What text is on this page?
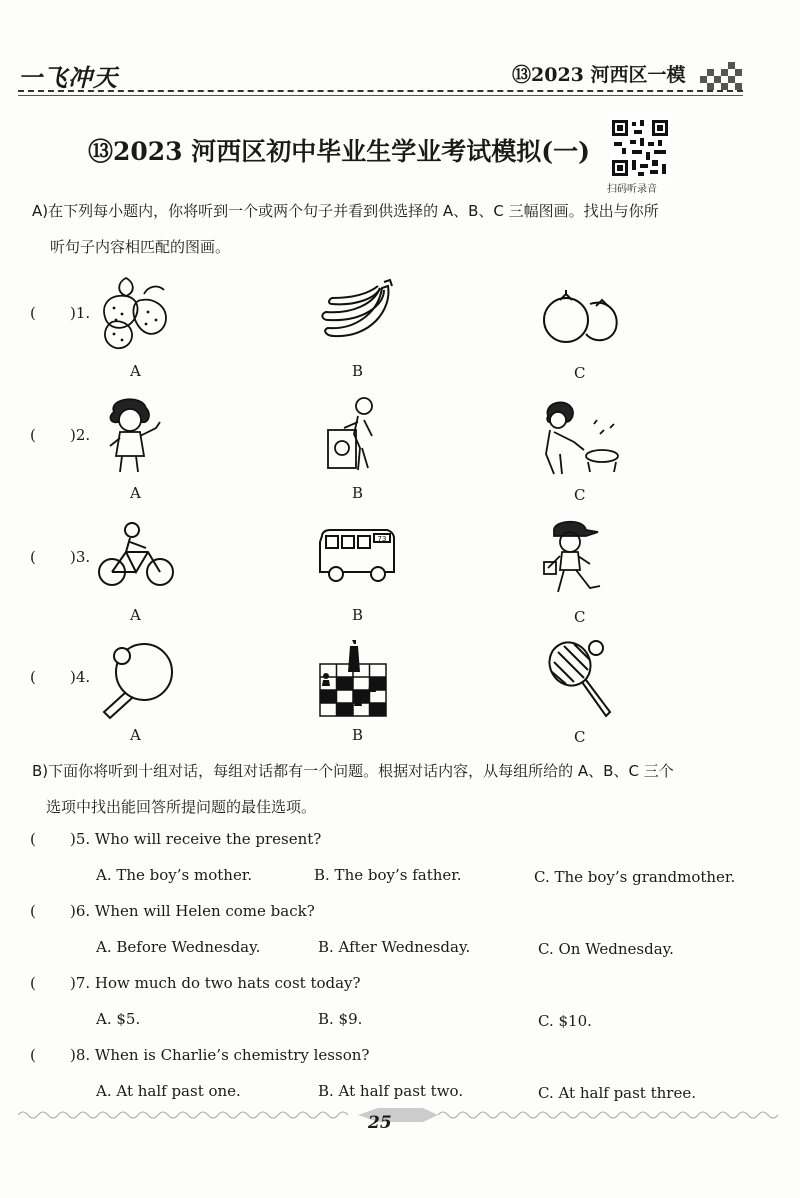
一飞冲天	⑬2023 河西区一模
⑬2023 河西区初中毕业生学业考试模拟(一)
扫码听录音
A)在下列每小题内，你将听到一个或两个句子并看到供选择的 A、B、C 三幅图画。找出与你所
听句子内容相匹配的图画。
( )1.
A	B	C
( )2.
A	B	C
( )3.
73
A	B	C
( )4.
A	B	C
B)下面你将听到十组对话，每组对话都有一个问题。根据对话内容，从每组所给的 A、B、C 三个
选项中找出能回答所提问题的最佳选项。
( )5. Who will receive the present?
A. The boy’s mother.	B. The boy’s father.	C. The boy’s grandmother.
( )6. When will Helen come back?
A. Before Wednesday.	B. After Wednesday.	C. On Wednesday.
( )7. How much do two hats cost today?
A. $5.	B. $9.	C. $10.
( )8. When is Charlie’s chemistry lesson?
A. At half past one.	B. At half past two.	C. At half past three.
25
